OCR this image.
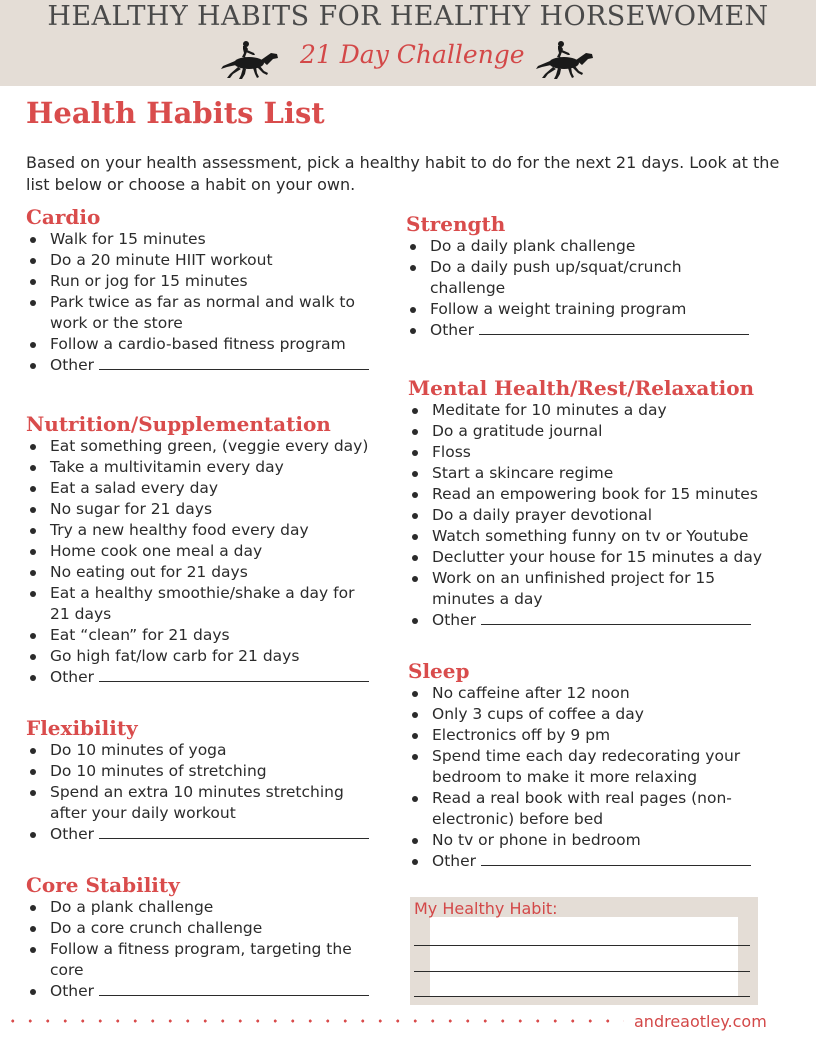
HEALTHY HABITS FOR HEALTHY HORSEWOMEN
21 Day Challenge
Health Habits List
Based on your health assessment, pick a healthy habit to do for the next 21 days. Look at the list below or choose a habit on your own.
Cardio
Walk for 15 minutes
Do a 20 minute HIIT workout
Run or jog for 15 minutes
Park twice as far as normal and walk to work or the store
Follow a cardio-based fitness program
Other
Nutrition/Supplementation
Eat something green, (veggie every day)
Take a multivitamin every day
Eat a salad every day
No sugar for 21 days
Try a new healthy food every day
Home cook one meal a day
No eating out for 21 days
Eat a healthy smoothie/shake a day for 21 days
Eat “clean” for 21 days
Go high fat/low carb for 21 days
Other
Flexibility
Do 10 minutes of yoga
Do 10 minutes of stretching
Spend an extra 10 minutes stretching after your daily workout
Other
Core Stability
Do a plank challenge
Do a core crunch challenge
Follow a fitness program, targeting the core
Other
Strength
Do a daily plank challenge
Do a daily push up/squat/crunch challenge
Follow a weight training program
Other
Mental Health/Rest/Relaxation
Meditate for 10 minutes a day
Do a gratitude journal
Floss
Start a skincare regime
Read an empowering book for 15 minutes
Do a daily prayer devotional
Watch something funny on tv or Youtube
Declutter your house for 15 minutes a day
Work on an unfinished project for 15 minutes a day
Other
Sleep
No caffeine after 12 noon
Only 3 cups of coffee a day
Electronics off by 9 pm
Spend time each day redecorating your bedroom to make it more relaxing
Read a real book with real pages (non-electronic) before bed
No tv or phone in bedroom
Other
My Healthy Habit:
andreaotley.com
